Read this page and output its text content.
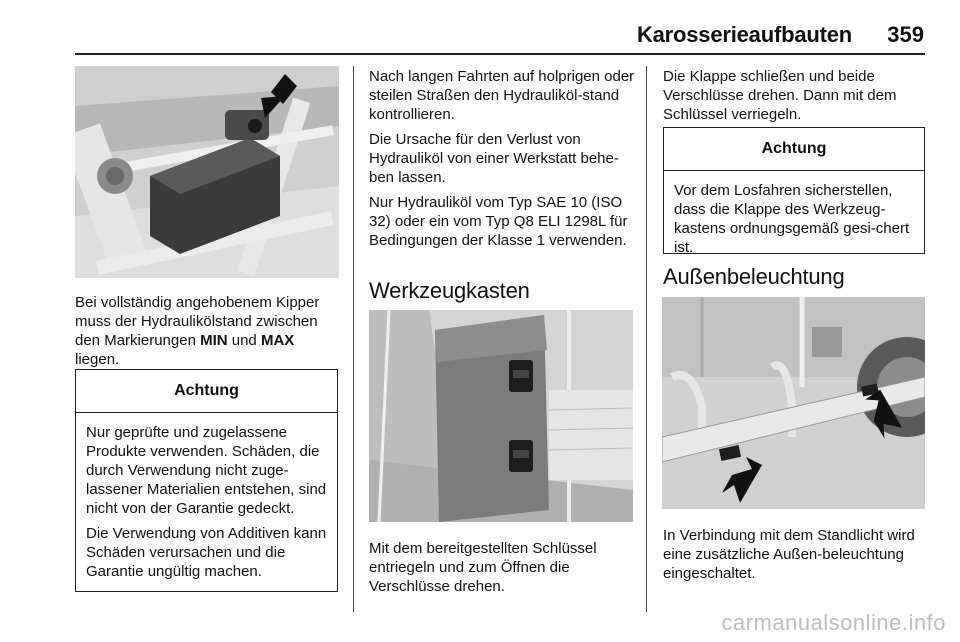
Karosserieaufbauten 359

Bei vollständig angehobenem Kipper muss der Hydraulikölstand zwischen den Markierungen MIN und MAX liegen.

Achtung

Nur geprüfte und zugelassene Produkte verwenden. Schäden, die durch Verwendung nicht zuge-lassener Materialien entstehen, sind nicht von der Garantie gedeckt.

Die Verwendung von Additiven kann Schäden verursachen und die Garantie ungültig machen.

Nach langen Fahrten auf holprigen oder steilen Straßen den Hydrauliköl-stand kontrollieren.

Die Ursache für den Verlust von Hydrauliköl von einer Werkstatt behe-ben lassen.

Nur Hydrauliköl vom Typ SAE 10 (ISO 32) oder ein vom Typ Q8 ELI 1298L für Bedingungen der Klasse 1 verwenden.

Werkzeugkasten

Mit dem bereitgestellten Schlüssel entriegeln und zum Öffnen die Verschlüsse drehen.

Die Klappe schließen und beide Verschlüsse drehen. Dann mit dem Schlüssel verriegeln.

Achtung

Vor dem Losfahren sicherstellen, dass die Klappe des Werkzeug-kastens ordnungsgemäß gesi-chert ist.

Außenbeleuchtung

In Verbindung mit dem Standlicht wird eine zusätzliche Außen-beleuchtung eingeschaltet.

carmanualsonline.info
